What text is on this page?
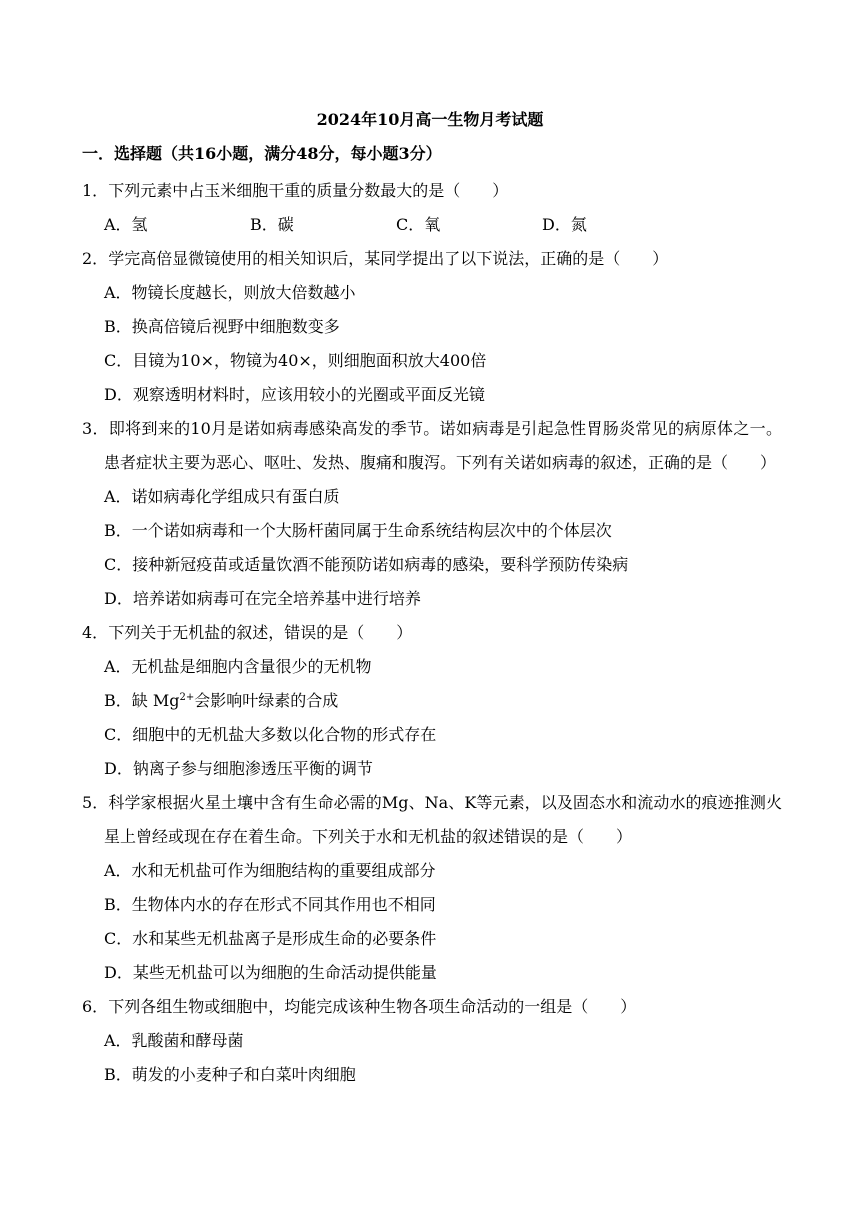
2024年10月高一生物月考试题
一．选择题（共16小题，满分48分，每小题3分）

1．下列元素中占玉米细胞干重的质量分数最大的是（　　）

A．氢	B．碳	C．氧	D．氮

2．学完高倍显微镜使用的相关知识后，某同学提出了以下说法，正确的是（　　）

A．物镜长度越长，则放大倍数越小

B．换高倍镜后视野中细胞数变多

C．目镜为10×，物镜为40×，则细胞面积放大400倍

D．观察透明材料时，应该用较小的光圈或平面反光镜

3．即将到来的10月是诺如病毒感染高发的季节。诺如病毒是引起急性胃肠炎常见的病原体之一。患者症状主要为恶心、呕吐、发热、腹痛和腹泻。下列有关诺如病毒的叙述，正确的是（　　）

A．诺如病毒化学组成只有蛋白质

B．一个诺如病毒和一个大肠杆菌同属于生命系统结构层次中的个体层次

C．接种新冠疫苗或适量饮酒不能预防诺如病毒的感染，要科学预防传染病

D．培养诺如病毒可在完全培养基中进行培养

4．下列关于无机盐的叙述，错误的是（　　）

A．无机盐是细胞内含量很少的无机物

B．缺 $Mg^{2+}$会影响叶绿素的合成

C．细胞中的无机盐大多数以化合物的形式存在

D．钠离子参与细胞渗透压平衡的调节

5．科学家根据火星土壤中含有生命必需的Mg、Na、K等元素，以及固态水和流动水的痕迹推测火星上曾经或现在存在着生命。下列关于水和无机盐的叙述错误的是（　　）

A．水和无机盐可作为细胞结构的重要组成部分

B．生物体内水的存在形式不同其作用也不相同

C．水和某些无机盐离子是形成生命的必要条件

D．某些无机盐可以为细胞的生命活动提供能量

6．下列各组生物或细胞中，均能完成该种生物各项生命活动的一组是（　　）

A．乳酸菌和酵母菌

B．萌发的小麦种子和白菜叶肉细胞
